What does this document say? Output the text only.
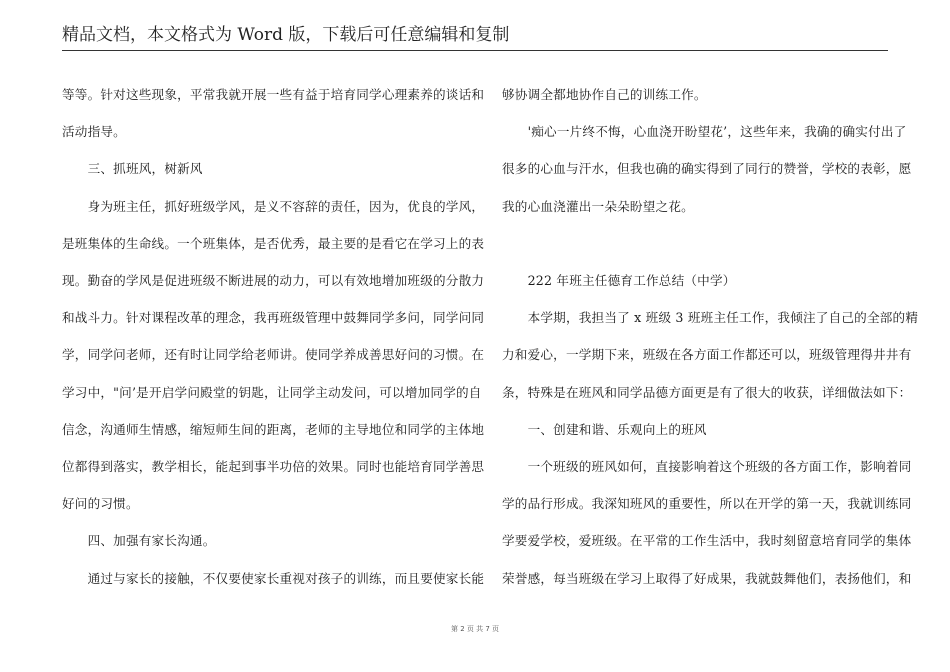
精品文档，本文格式为 Word 版，下载后可任意编辑和复制

等等。针对这些现象，平常我就开展一些有益于培育同学心理素养的谈话和

活动指导。

　　三、抓班风，树新风

　　身为班主任，抓好班级学风，是义不容辞的责任，因为，优良的学风，

是班集体的生命线。一个班集体，是否优秀，最主要的是看它在学习上的表

现。勤奋的学风是促进班级不断进展的动力，可以有效地增加班级的分散力

和战斗力。针对课程改革的理念，我再班级管理中鼓舞同学多问，同学问同

学，同学问老师，还有时让同学给老师讲。使同学养成善思好问的习惯。在

学习中，"问’是开启学问殿堂的钥匙，让同学主动发问，可以增加同学的自

信念，沟通师生情感，缩短师生间的距离，老师的主导地位和同学的主体地

位都得到落实，教学相长，能起到事半功倍的效果。同时也能培育同学善思

好问的习惯。

　　四、加强有家长沟通。

　　通过与家长的接触，不仅要使家长重视对孩子的训练，而且要使家长能

够协调全都地协作自己的训练工作。

　　'痴心一片终不悔，心血浇开盼望花’，这些年来，我确的确实付出了

很多的心血与汗水，但我也确的确实得到了同行的赞誉，学校的表彰，愿

我的心血浇灌出一朵朵盼望之花。

　　222 年班主任德育工作总结（中学）

　　本学期，我担当了 x 班级 3 班班主任工作，我倾注了自己的全部的精

力和爱心，一学期下来，班级在各方面工作都还可以，班级管理得井井有

条，特殊是在班风和同学品德方面更是有了很大的收获，详细做法如下：

　　一、创建和谐、乐观向上的班风

　　一个班级的班风如何，直接影响着这个班级的各方面工作，影响着同

学的品行形成。我深知班风的重要性，所以在开学的第一天，我就训练同

学要爱学校，爱班级。在平常的工作生活中，我时刻留意培育同学的集体

荣誉感，每当班级在学习上取得了好成果，我就鼓舞他们，表扬他们，和

第 2 页 共 7 页
